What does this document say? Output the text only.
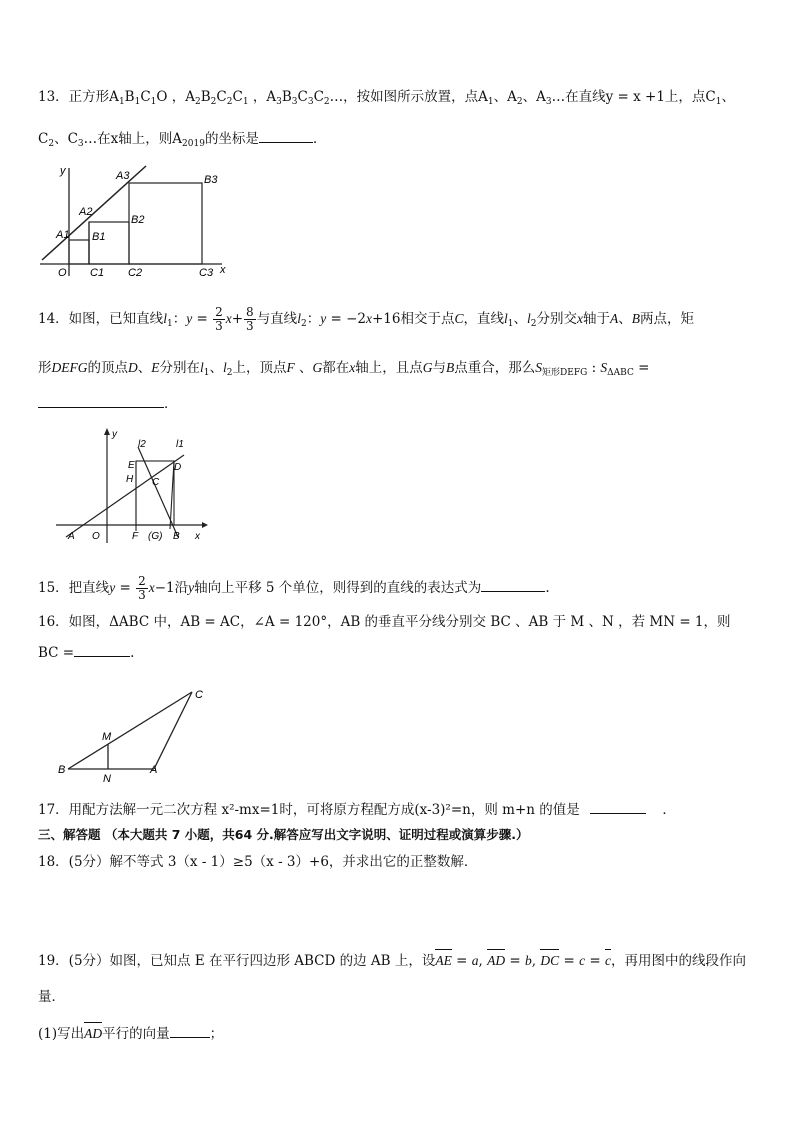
13．正方形$A_1B_1C_1O$ ，$A_2B_2C_2C_1$ ，$A_3B_3C_3C_2\dots$，按如图所示放置，点$A_1$、$A_2$、$A_3\dots$在直线y = x +1上，点$C_1$、
$C_2$、$C_3\dots$在x轴上，则$A_{2019}$的坐标是	．
y	A3	B3
A2
B2
A1 B1
O C1 C2	C3 x
14．如图，已知直线$l_1$：$y = \frac{2}{3} x+ \frac{8}{3}$ 与直线$l_2$：y = −2x+16相交于点C，直线$l_1$、$l_2$分别交x轴于A、B两点，矩
形DEFG的顶点D、E分别在$l_1$、$l_2$上，顶点F 、G都在x轴上，且点G与B点重合，那么$S_{矩形DEFG}$ : $S_{\Delta ABC}$ =
．
y
l2	l1
E	D
H C
A O	F (G) B x
15．把直线$y = \frac{2}{3} x-1$沿y轴向上平移 5 个单位，则得到的直线的表达式为	.
16．如图，ΔABC 中，AB = AC，∠A = 120°，AB 的垂直平分线分别交 BC 、AB 于 M 、N ，若 MN = 1，则
BC =	.
C
M
B
N
A
17．用配方法解一元二次方程 x²-mx=1时，可将原方程配方成(x-3)²=n，则 m+n 的值是	．
三、解答题 （本大题共 7 小题，共64 分.解答应写出文字说明、证明过程或演算步骤.）
18．(5分）解不等式 3（x - 1）≥5（x - 3）+6，并求出它的正整数解．
19．(5分）如图，已知点 E 在平行四边形 ABCD 的边 AB 上，设AE = a, AD = b, DC = c = c，再用图中的线段作向
量．
(1)写出AD平行的向量	；
